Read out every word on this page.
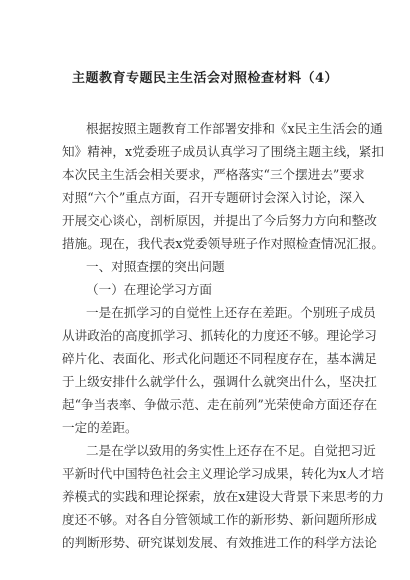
主题教育专题民主生活会对照检查材料（4）
根据按照主题教育工作部署安排和《x民主生活会的通
知》精神，x党委班子成员认真学习了围绕主题主线，紧扣
本次民主生活会相关要求，严格落实“三个摆进去”要求
对照“六个”重点方面，召开专题研讨会深入讨论，深入
开展交心谈心，剖析原因，并提出了今后努力方向和整改
措施。现在，我代表x党委领导班子作对照检查情况汇报。
一、对照查摆的突出问题
（一）在理论学习方面
一是在抓学习的自觉性上还存在差距。个别班子成员
从讲政治的高度抓学习、抓转化的力度还不够。理论学习
碎片化、表面化、形式化问题还不同程度存在，基本满足
于上级安排什么就学什么，强调什么就突出什么，坚决扛
起“争当表率、争做示范、走在前列”光荣使命方面还存在
一定的差距。
二是在学以致用的务实性上还存在不足。自觉把习近
平新时代中国特色社会主义理论学习成果，转化为x人才培
养模式的实践和理论探索，放在x建设大背景下来思考的力
度还不够。对各自分管领域工作的新形势、新问题所形成
的判断形势、研究谋划发展、有效推进工作的科学方法论
